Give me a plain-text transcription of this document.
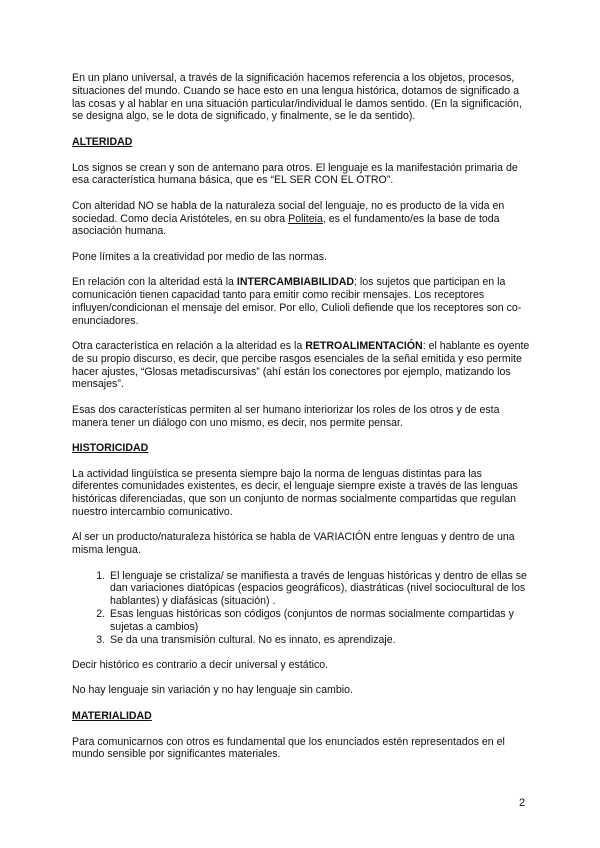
En un plano universal, a través de la significación hacemos referencia a los objetos, procesos, situaciones del mundo. Cuando se hace esto en una lengua histórica, dotamos de significado a las cosas y al hablar en una situación particular/individual le damos sentido. (En la significación, se designa algo, se le dota de significado, y finalmente, se le da sentido).

ALTERIDAD

Los signos se crean y son de antemano para otros. El lenguaje es la manifestación primaria de esa característica humana básica, que es “EL SER CON EL OTRO”.

Con alteridad NO se habla de la naturaleza social del lenguaje, no es producto de la vida en sociedad. Como decía Aristóteles, en su obra Politeia, es el fundamento/es la base de toda asociación humana.

Pone límites a la creatividad por medio de las normas.

En relación con la alteridad está la INTERCAMBIABILIDAD; los sujetos que participan en la comunicación tienen capacidad tanto para emitir como recibir mensajes. Los receptores influyen/condicionan el mensaje del emisor. Por ello, Culioli defiende que los receptores son co-enunciadores.

Otra característica en relación a la alteridad es la RETROALIMENTACIÓN: el hablante es oyente de su propio discurso, es decir, que percibe rasgos esenciales de la señal emitida y eso permite hacer ajustes, “Glosas metadiscursivas” (ahí están los conectores por ejemplo, matizando los mensajes”.

Esas dos características permiten al ser humano interiorizar los roles de los otros y de esta manera tener un diálogo con uno mismo, es decir, nos permite pensar.

HISTORICIDAD

La actividad lingüística se presenta siempre bajo la norma de lenguas distintas para las diferentes comunidades existentes, es decir, el lenguaje siempre existe a través de las lenguas históricas diferenciadas, que son un conjunto de normas socialmente compartidas que regulan nuestro intercambio comunicativo.

Al ser un producto/naturaleza histórica se habla de VARIACIÓN entre lenguas y dentro de una misma lengua.

1. El lenguaje se cristaliza/ se manifiesta a través de lenguas históricas y dentro de ellas se dan variaciones diatópicas (espacios geográficos), diastráticas (nivel sociocultural de los hablantes) y diafásicas (situación) .
2. Esas lenguas históricas son códigos (conjuntos de normas socialmente compartidas y sujetas a cambios)
3. Se da una transmisión cultural. No es innato, es aprendizaje.

Decir histórico es contrario a decir universal y estático.

No hay lenguaje sin variación y no hay lenguaje sin cambio.

MATERIALIDAD

Para comunicarnos con otros es fundamental que los enunciados estén representados en el mundo sensible por significantes materiales.

2
